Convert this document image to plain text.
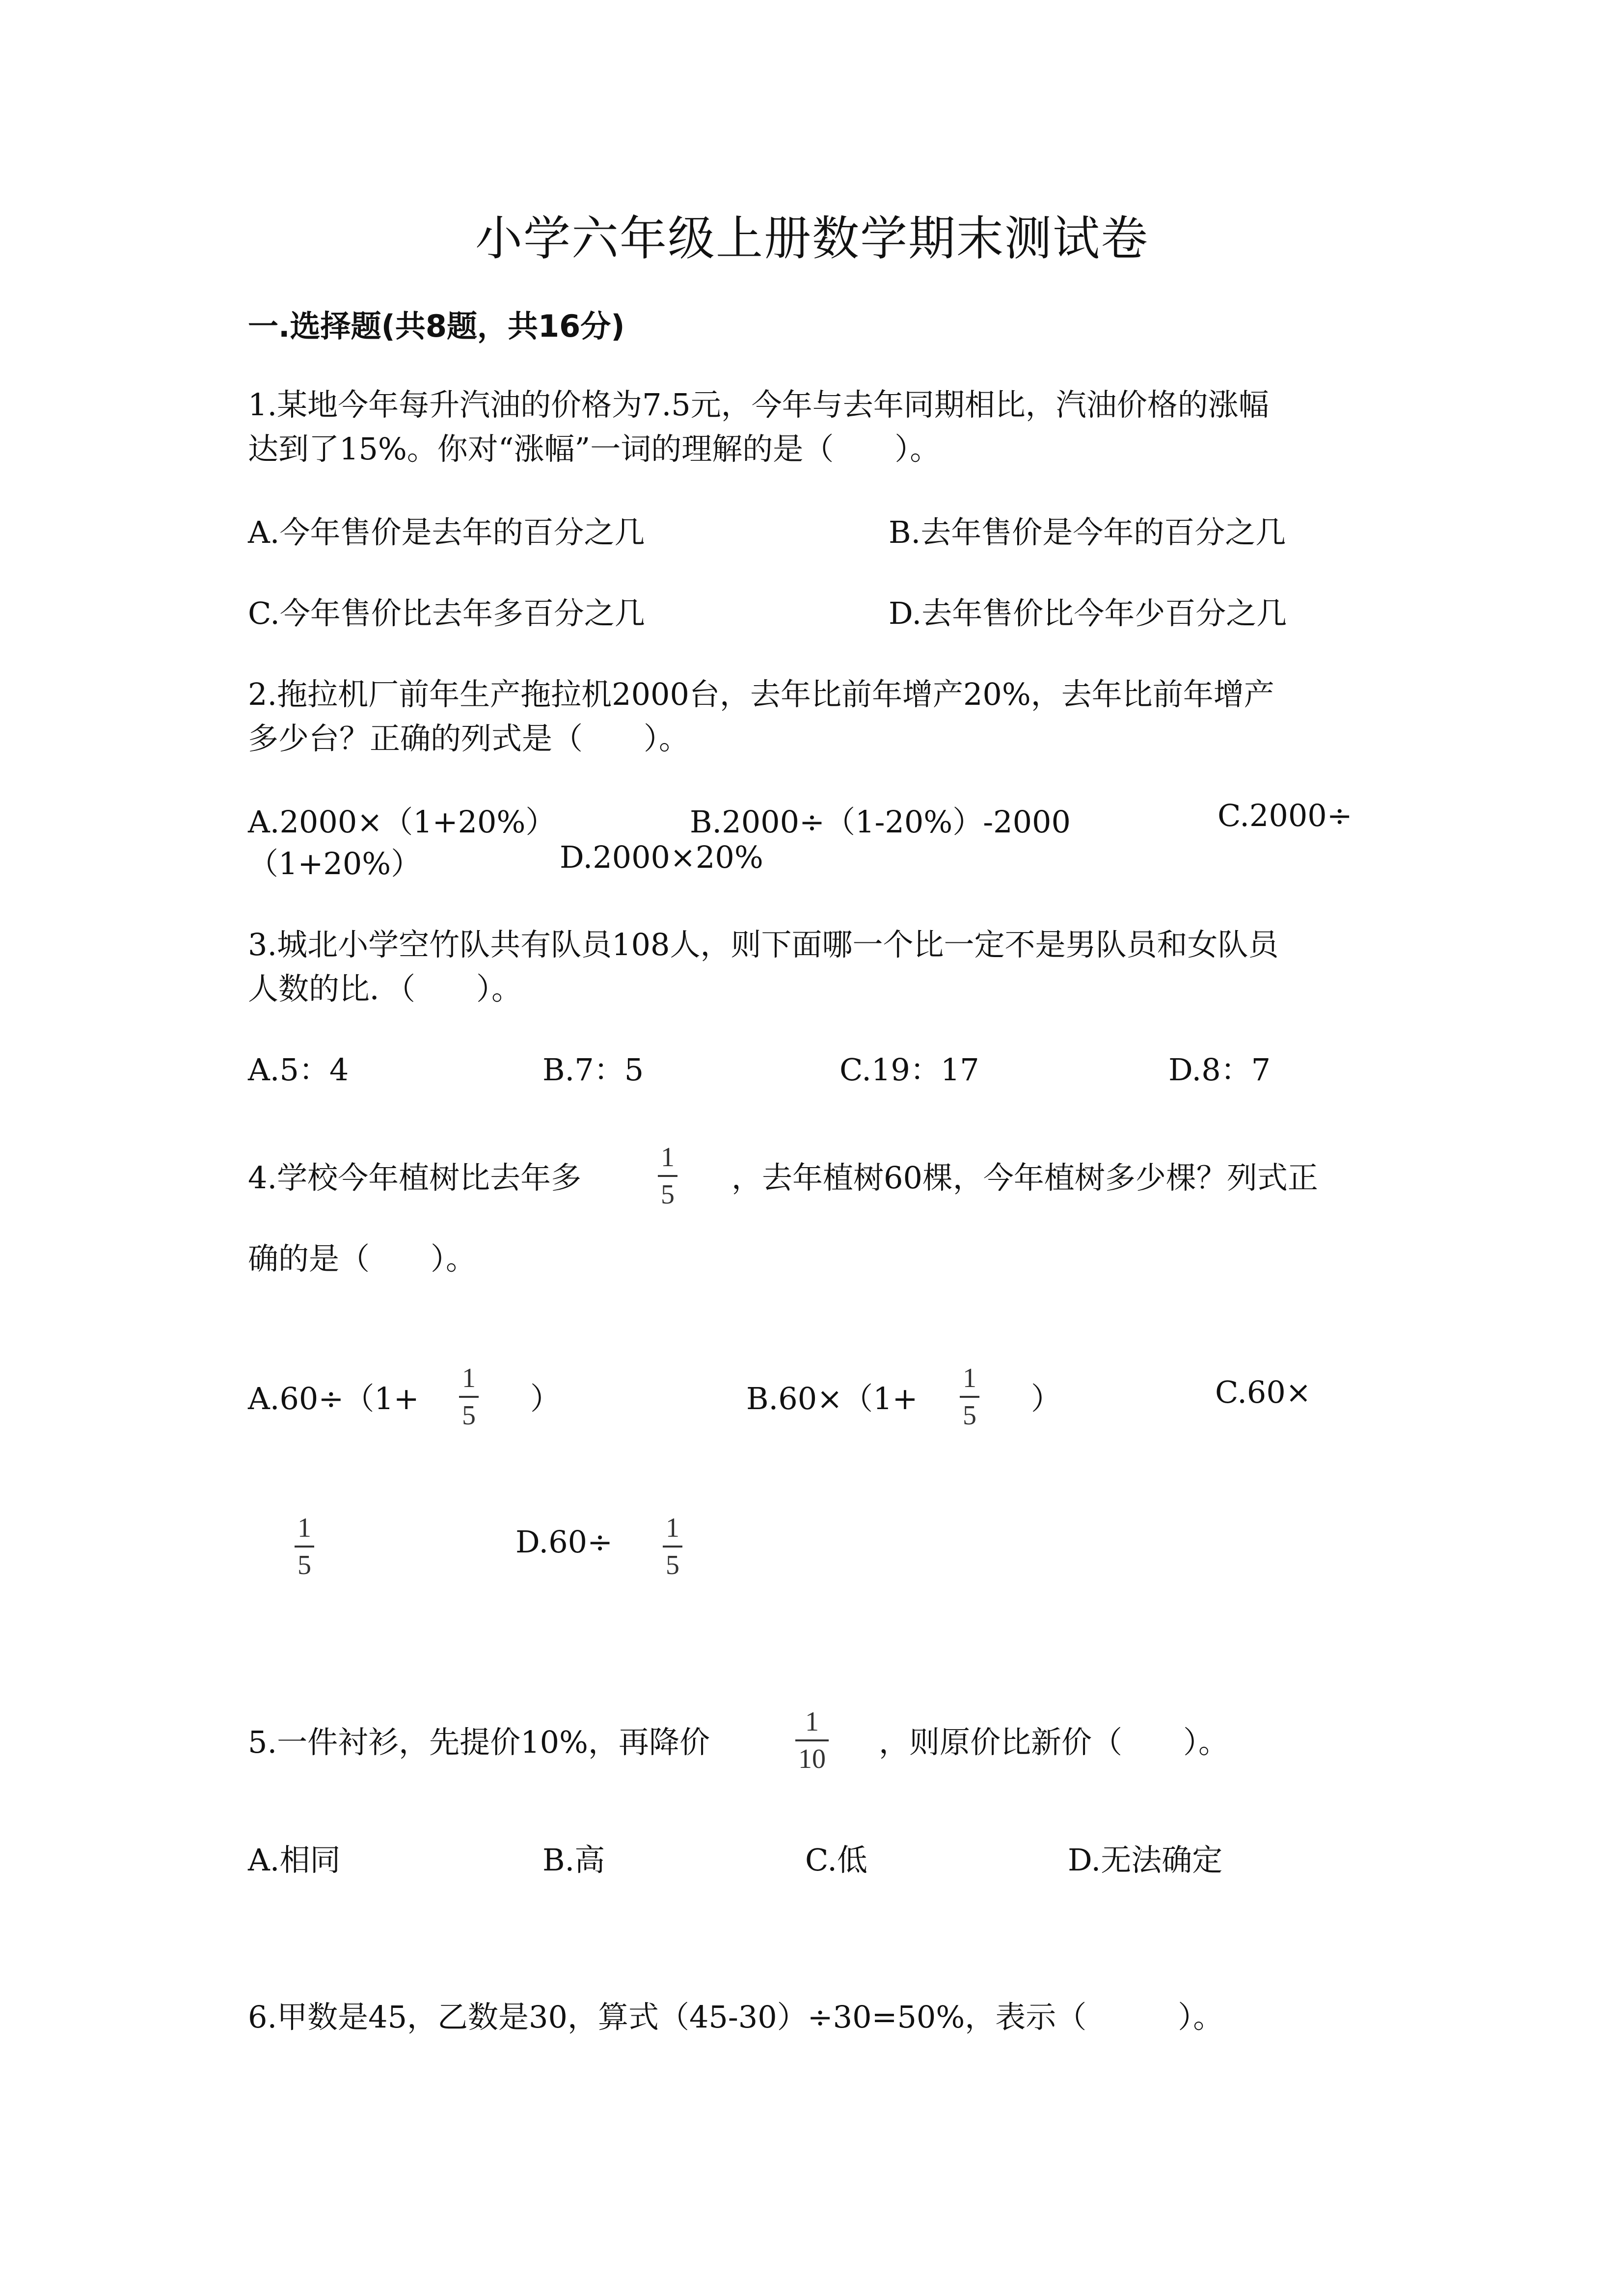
小学六年级上册数学期末测试卷
一.选择题(共8题，共16分)
1.某地今年每升汽油的价格为7.5元，今年与去年同期相比，汽油价格的涨幅
达到了15%。你对“涨幅”一词的理解的是（　　）。
A.今年售价是去年的百分之几	B.去年售价是今年的百分之几
C.今年售价比去年多百分之几	D.去年售价比今年少百分之几
2.拖拉机厂前年生产拖拉机2000台，去年比前年增产20%，去年比前年增产
多少台？正确的列式是（　　）。
A.2000×（1+20%）	B.2000÷（1-20%）-2000	C.2000÷
（1+20%）	D.2000×20%
3.城北小学空竹队共有队员108人，则下面哪一个比一定不是男队员和女队员
人数的比．（　　）。
A.5：4	B.7：5	C.19：17	D.8：7
4.学校今年植树比去年多
1
5 ，去年植树60棵，今年植树多少棵？列式正
确的是（　　）。
A.60÷（1+
1
5 ）	B.60×（1+
1
5 ）	C.60×
1
5
D.60÷ 1
5
5.一件衬衫，先提价10%，再降价
1
10 ，则原价比新价（　　）。
A.相同	B.高	C.低	D.无法确定
6.甲数是45，乙数是30，算式（45-30）÷30=50%，表示（　　　）。
